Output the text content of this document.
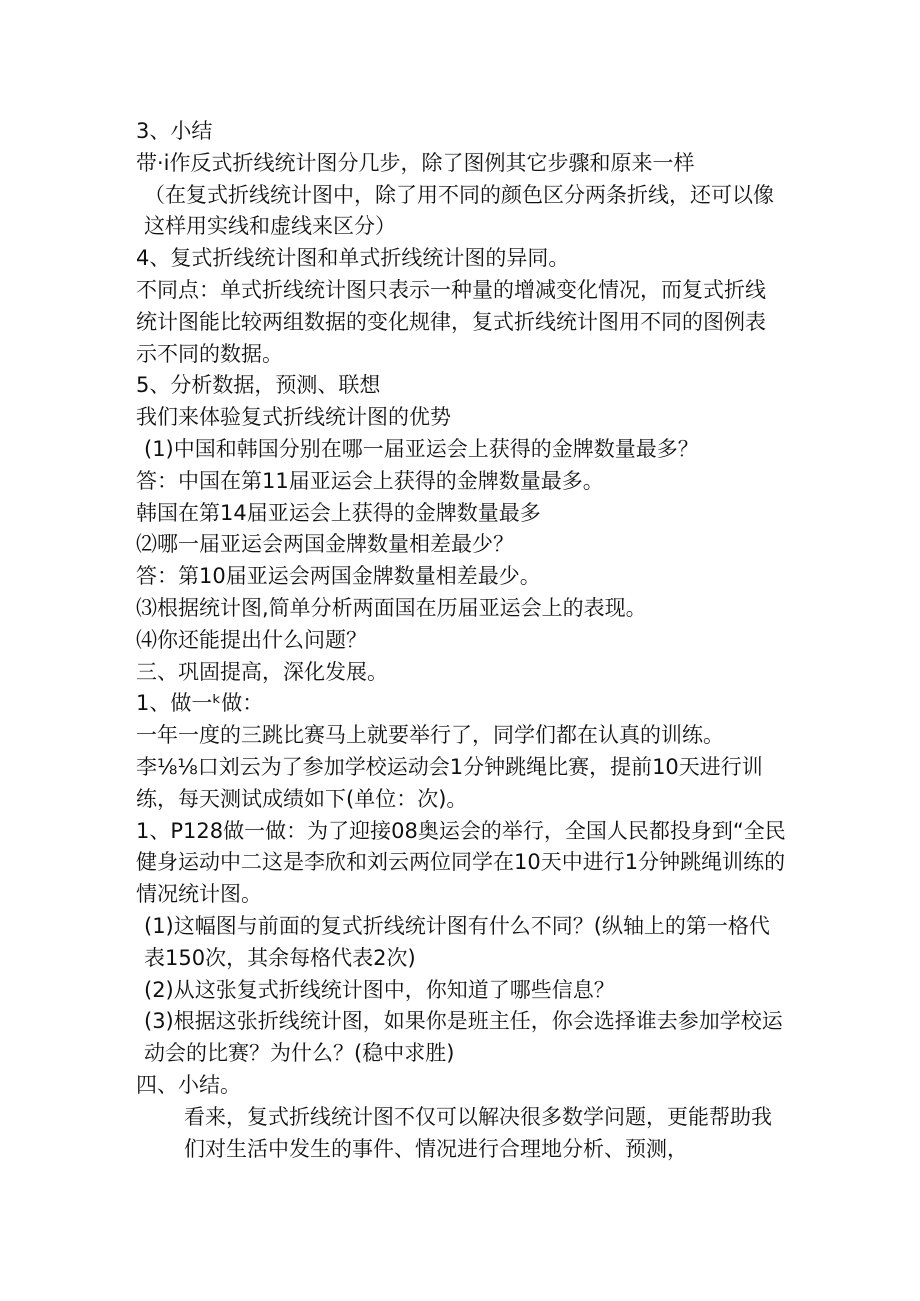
3、小结
带·i作反式折线统计图分几步，除了图例其它步骤和原来一样
（在复式折线统计图中，除了用不同的颜色区分两条折线，还可以像这样用实线和虚线来区分）
4、复式折线统计图和单式折线统计图的异同。
不同点：单式折线统计图只表示一种量的增减变化情况，而复式折线统计图能比较两组数据的变化规律，复式折线统计图用不同的图例表示不同的数据。
5、分析数据，预测、联想
我们来体验复式折线统计图的优势
(1)中国和韩国分别在哪一届亚运会上获得的金牌数量最多？
答：中国在第11届亚运会上获得的金牌数量最多。
韩国在第14届亚运会上获得的金牌数量最多
⑵哪一届亚运会两国金牌数量相差最少？
答：第10届亚运会两国金牌数量相差最少。
⑶根据统计图,简单分析两面国在历届亚运会上的表现。
⑷你还能提出什么问题？
三、巩固提高，深化发展。
1、做一ᵏ做：
一年一度的三跳比赛马上就要举行了，同学们都在认真的训练。
李⅛⅛口刘云为了参加学校运动会1分钟跳绳比赛，提前10天进行训练，每天测试成绩如下(单位：次)。
1、P128做一做：为了迎接08奥运会的举行，全国人民都投身到“全民健身运动中二这是李欣和刘云两位同学在10天中进行1分钟跳绳训练的情况统计图。
(1)这幅图与前面的复式折线统计图有什么不同？(纵轴上的第一格代表150次，其余每格代表2次)
(2)从这张复式折线统计图中，你知道了哪些信息？
(3)根据这张折线统计图，如果你是班主任，你会选择谁去参加学校运动会的比赛？为什么？(稳中求胜)
四、小结。
看来，复式折线统计图不仅可以解决很多数学问题，更能帮助我们对生活中发生的事件、情况进行合理地分析、预测，
